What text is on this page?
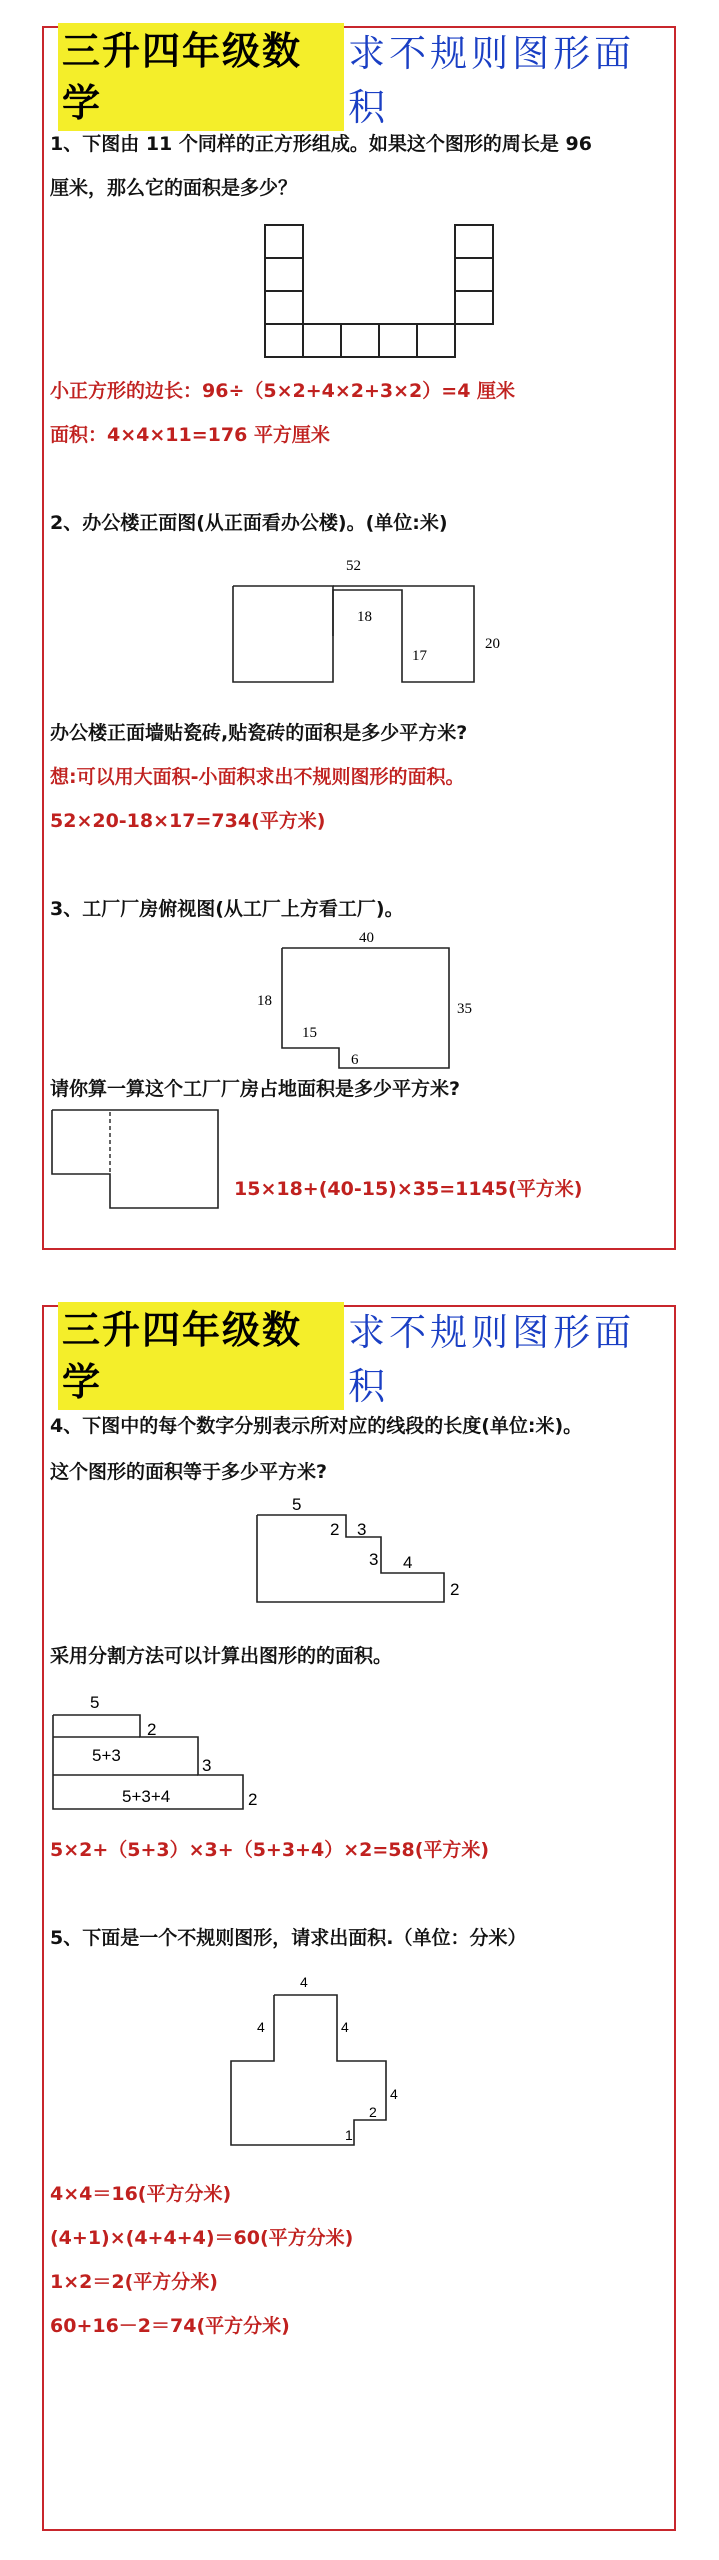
三升四年级数学
求不规则图形面积
1、下图由 11 个同样的正方形组成。如果这个图形的周长是 96
厘米，那么它的面积是多少？
小正方形的边长：96÷（5×2+4×2+3×2）=4 厘米
面积：4×4×11=176 平方厘米
2、办公楼正面图(从正面看办公楼)。(单位:米)
52
18
17
20
办公楼正面墙贴瓷砖,贴瓷砖的面积是多少平方米?
想:可以用大面积-小面积求出不规则图形的面积。
52×20-18×17=734(平方米)
3、工厂厂房俯视图(从工厂上方看工厂)。
40
18	35
15
6
请你算一算这个工厂厂房占地面积是多少平方米?
15×18+(40-15)×35=1145(平方米)
三升四年级数学
求不规则图形面积
4、下图中的每个数字分别表示所对应的线段的长度(单位:米)。
这个图形的面积等于多少平方米?
5
2 3
3 4
2
采用分割方法可以计算出图形的的面积。
5
2
5+3
3
5+3+4	2
5×2+（5+3）×3+（5+3+4）×2=58(平方米)
5、下面是一个不规则图形，请求出面积.（单位：分米）
4
4	4
4
2
1
4×4＝16(平方分米)
(4+1)×(4+4+4)＝60(平方分米)
1×2＝2(平方分米)
60+16－2＝74(平方分米)
